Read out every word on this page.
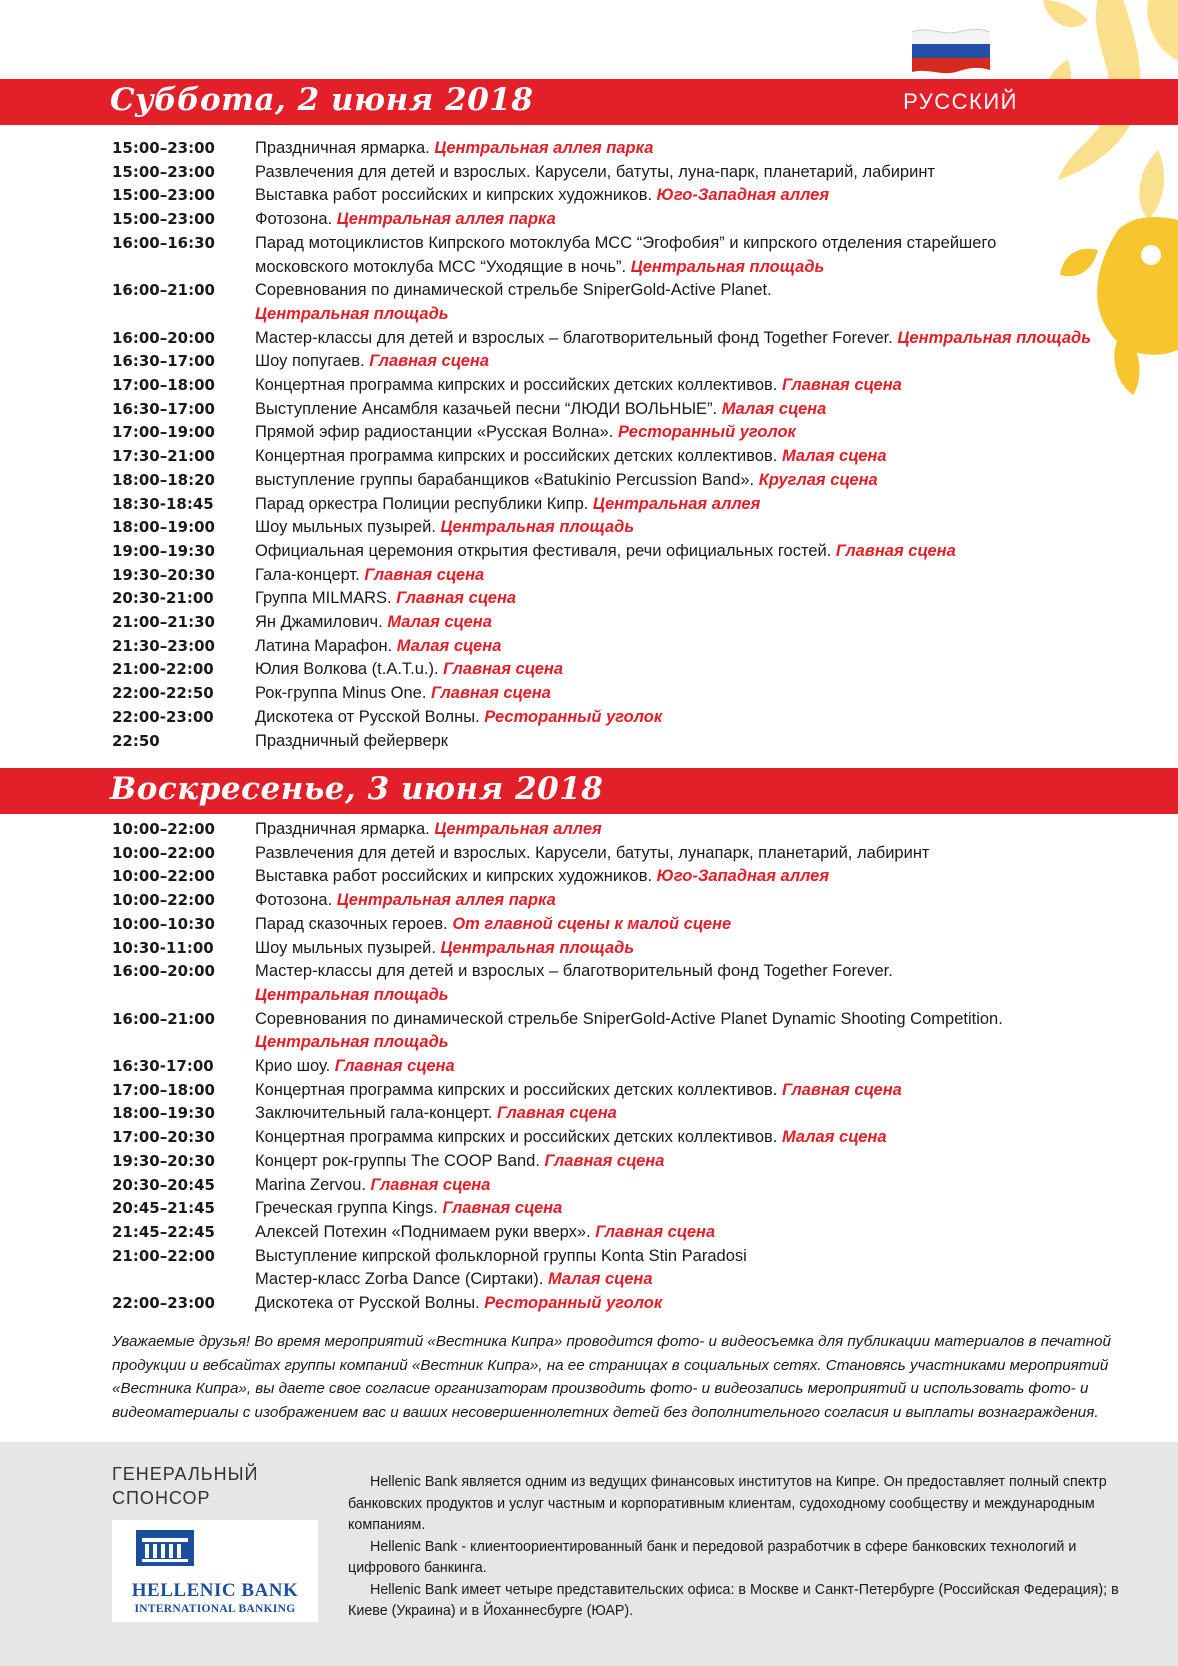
Суббота, 2 июня 2018	РУССКИЙ
15:00–23:00	Праздничная ярмарка. Центральная аллея парка
15:00–23:00	Развлечения для детей и взрослых. Карусели, батуты, луна-парк, планетарий, лабиринт
15:00–23:00	Выставка работ российских и кипрских художников. Юго-Западная аллея
15:00–23:00	Фотозона. Центральная аллея парка
16:00–16:30	Парад мотоциклистов Кипрского мотоклуба МСС “Эгофобия” и кипрского отделения старейшего
московского мотоклуба МСС “Уходящие в ночь”. Центральная площадь
16:00–21:00	Соревнования по динамической стрельбе SniperGold-Active Planet.
Центральная площадь
16:00–20:00	Мастер-классы для детей и взрослых – благотворительный фонд Together Forever. Центральная площадь
16:30–17:00	Шоу попугаев. Главная сцена
17:00–18:00	Концертная программа кипрских и российских детских коллективов. Главная сцена
16:30–17:00	Выступление Ансамбля казачьей песни “ЛЮДИ ВОЛЬНЫЕ”. Малая сцена
17:00–19:00	Прямой эфир радиостанции «Русская Волна». Ресторанный уголок
17:30–21:00	Концертная программа кипрских и российских детских коллективов. Малая сцена
18:00–18:20	выступление группы барабанщиков «Batukinio Percussion Band». Круглая сцена
18:30-18:45	Парад оркестра Полиции республики Кипр. Центральная аллея
18:00–19:00	Шоу мыльных пузырей. Центральная площадь
19:00–19:30	Официальная церемония открытия фестиваля, речи официальных гостей. Главная сцена
19:30–20:30	Гала-концерт. Главная сцена
20:30-21:00	Группа MILMARS. Главная сцена
21:00–21:30	Ян Джамилович. Малая сцена
21:30–23:00	Латина Марафон. Малая сцена
21:00-22:00	Юлия Волкова (t.A.T.u.). Главная сцена
22:00-22:50	Рок-группа Minus One. Главная сцена
22:00-23:00	Дискотека от Русской Волны. Ресторанный уголок
22:50	Праздничный фейерверк
Воскресенье, 3 июня 2018
10:00–22:00	Праздничная ярмарка. Центральная аллея
10:00–22:00	Развлечения для детей и взрослых. Карусели, батуты, лунапарк, планетарий, лабиринт
10:00–22:00	Выставка работ российских и кипрских художников. Юго-Западная аллея
10:00–22:00	Фотозона. Центральная аллея парка
10:00–10:30	Парад сказочных героев. От главной сцены к малой сцене
10:30-11:00	Шоу мыльных пузырей. Центральная площадь
16:00–20:00	Мастер-классы для детей и взрослых – благотворительный фонд Together Forever.
Центральная площадь
16:00–21:00	Соревнования по динамической стрельбе SniperGold-Active Planet Dynamic Shooting Competition.
Центральная площадь
16:30-17:00	Крио шоу. Главная сцена
17:00–18:00	Концертная программа кипрских и российских детских коллективов. Главная сцена
18:00–19:30	Заключительный гала-концерт. Главная сцена
17:00–20:30	Концертная программа кипрских и российских детских коллективов. Малая сцена
19:30–20:30	Концерт рок-группы The COOP Band. Главная сцена
20:30–20:45	Marina Zervou. Главная сцена
20:45–21:45	Греческая группа Kings. Главная сцена
21:45–22:45	Алексей Потехин «Поднимаем руки вверх». Главная сцена
21:00–22:00	Выступление кипрской фольклорной группы Konta Stin Paradosi
Мастер-класс Zorba Dance (Сиртаки). Малая сцена
22:00–23:00	Дискотека от Русской Волны. Ресторанный уголок
Уважаемые друзья! Во время мероприятий «Вестника Кипра» проводится фото- и видеосъемка для публикации материалов в печатной
продукции и вебсайтах группы компаний «Вестник Кипра», на ее страницах в социальных сетях. Становясь участниками мероприятий
«Вестника Кипра», вы даете свое согласие организаторам производить фото- и видеозапись мероприятий и использовать фото- и
видеоматериалы с изображением вас и ваших несовершеннолетних детей без дополнительного согласия и выплаты вознаграждения.
ГЕНЕРАЛЬНЫЙ
СПОНСОР
HELLENIC BANK
INTERNATIONAL BANKING

Hellenic Bank является одним из ведущих финансовых институтов на Кипре. Он предоставляет полный спектр банковских продуктов и услуг частным и корпоративным клиентам, судоходному сообществу и международным компаниям.

Hellenic Bank - клиентоориентированный банк и передовой разработчик в сфере банковских технологий и цифрового банкинга.

Hellenic Bank имеет четыре представительских офиса: в Москве и Санкт-Петербурге (Российская Федерация); в Киеве (Украина) и в Йоханнесбурге (ЮАР).
